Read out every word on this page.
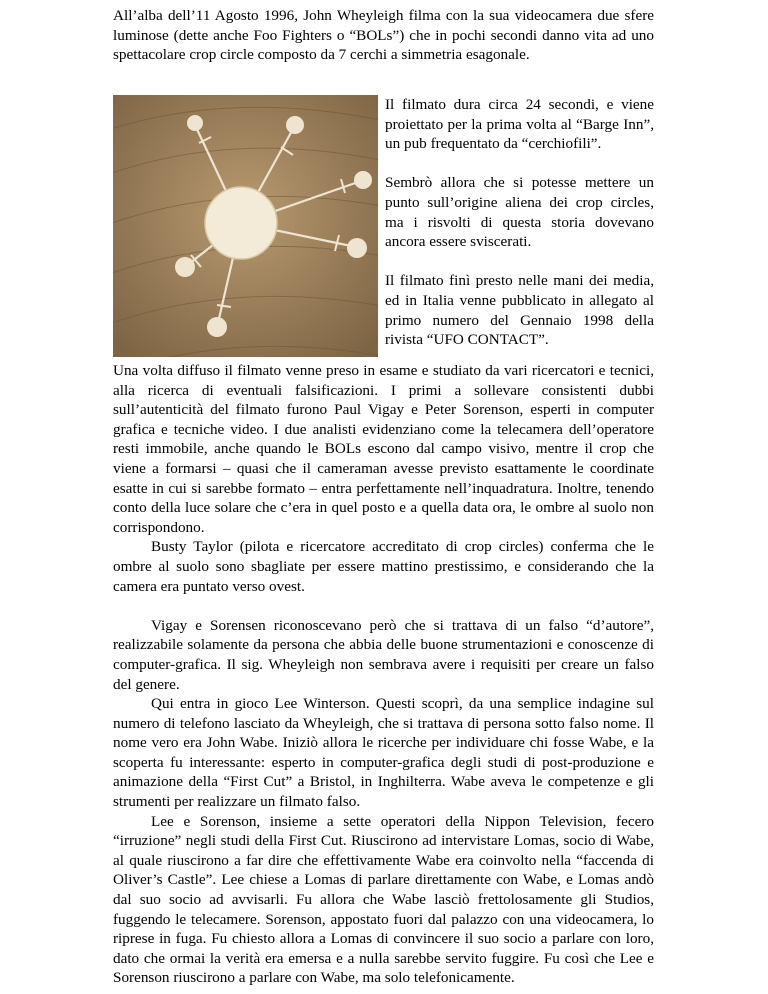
All’alba dell’11 Agosto 1996, John Wheyleigh filma con la sua videocamera due sfere luminose (dette anche Foo Fighters o “BOLs”) che in pochi secondi danno vita ad uno spettacolare crop circle composto da 7 cerchi a simmetria esagonale.

Il filmato dura circa 24 secondi, e viene proiettato per la prima volta al “Barge Inn”, un pub frequentato da “cerchiofili”.

Sembrò allora che si potesse mettere un punto sull’origine aliena dei crop circles, ma i risvolti di questa storia dovevano ancora essere sviscerati.

Il filmato finì presto nelle mani dei media, ed in Italia venne pubblicato in allegato al primo numero del Gennaio 1998 della rivista “UFO CONTACT”.

Una volta diffuso il filmato venne preso in esame e studiato da vari ricercatori e tecnici, alla ricerca di eventuali falsificazioni. I primi a sollevare consistenti dubbi sull’autenticità del filmato furono Paul Vigay e Peter Sorenson, esperti in computer grafica e tecniche video. I due analisti evidenziano come la telecamera dell’operatore resti immobile, anche quando le BOLs escono dal campo visivo, mentre il crop che viene a formarsi – quasi che il cameraman avesse previsto esattamente le coordinate esatte in cui si sarebbe formato – entra perfettamente nell’inquadratura. Inoltre, tenendo conto della luce solare che c’era in quel posto e a quella data ora, le ombre al suolo non corrispondono.

Busty Taylor (pilota e ricercatore accreditato di crop circles) conferma che le ombre al suolo sono sbagliate per essere mattino prestissimo, e considerando che la camera era puntato verso ovest.

Vigay e Sorensen riconoscevano però che si trattava di un falso “d’autore”, realizzabile solamente da persona che abbia delle buone strumentazioni e conoscenze di computer-grafica. Il sig. Wheyleigh non sembrava avere i requisiti per creare un falso del genere.

Qui entra in gioco Lee Winterson. Questi scoprì, da una semplice indagine sul numero di telefono lasciato da Wheyleigh, che si trattava di persona sotto falso nome. Il nome vero era John Wabe. Iniziò allora le ricerche per individuare chi fosse Wabe, e la scoperta fu interessante: esperto in computer-grafica degli studi di post-produzione e animazione della “First Cut” a Bristol, in Inghilterra. Wabe aveva le competenze e gli strumenti per realizzare un filmato falso.

Lee e Sorenson, insieme a sette operatori della Nippon Television, fecero “irruzione” negli studi della First Cut. Riuscirono ad intervistare Lomas, socio di Wabe, al quale riuscirono a far dire che effettivamente Wabe era coinvolto nella “faccenda di Oliver’s Castle”. Lee chiese a Lomas di parlare direttamente con Wabe, e Lomas andò dal suo socio ad avvisarli. Fu allora che Wabe lasciò frettolosamente gli Studios, fuggendo le telecamere. Sorenson, appostato fuori dal palazzo con una videocamera, lo riprese in fuga. Fu chiesto allora a Lomas di convincere il suo socio a parlare con loro, dato che ormai la verità era emersa e a nulla sarebbe servito fuggire. Fu così che Lee e Sorenson riuscirono a parlare con Wabe, ma solo telefonicamente.
